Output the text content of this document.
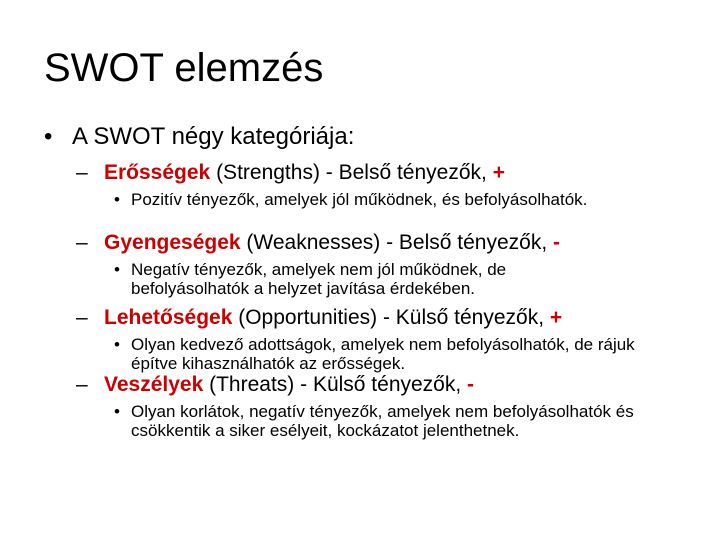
SWOT elemzés
• A SWOT négy kategóriája:
– Erősségek (Strengths) - Belső tényezők, +
• Pozitív tényezők, amelyek jól működnek, és befolyásolhatók.
– Gyengeségek (Weaknesses) - Belső tényezők, -
• Negatív tényezők, amelyek nem jól működnek, de befolyásolhatók a helyzet javítása érdekében.
– Lehetőségek (Opportunities) - Külső tényezők, +
• Olyan kedvező adottságok, amelyek nem befolyásolhatók, de rájuk építve kihasználhatók az erősségek.
– Veszélyek (Threats) - Külső tényezők, -
• Olyan korlátok, negatív tényezők, amelyek nem befolyásolhatók és csökkentik a siker esélyeit, kockázatot jelenthetnek.
